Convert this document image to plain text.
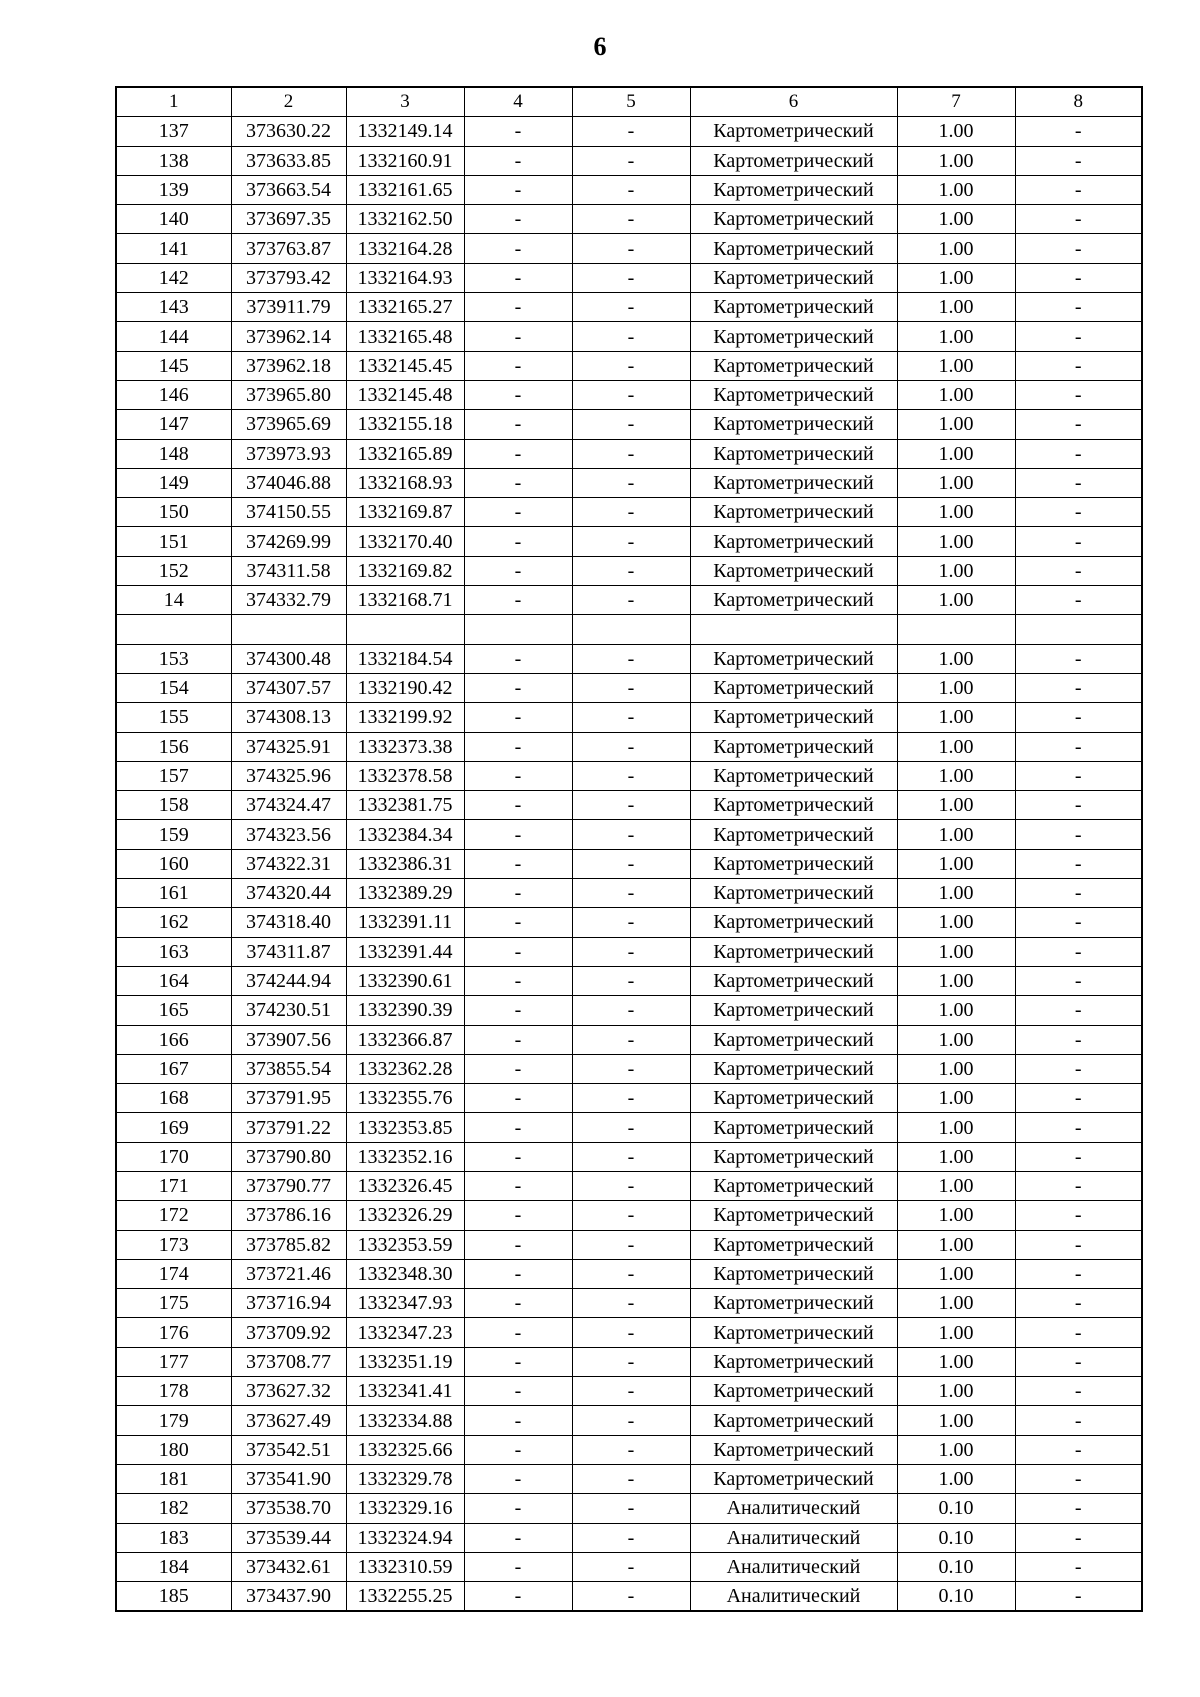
6
1	2	3	4	5	6	7	8
137	373630.22	1332149.14	-	-	Картометрический	1.00	-
138	373633.85	1332160.91	-	-	Картометрический	1.00	-
139	373663.54	1332161.65	-	-	Картометрический	1.00	-
140	373697.35	1332162.50	-	-	Картометрический	1.00	-
141	373763.87	1332164.28	-	-	Картометрический	1.00	-
142	373793.42	1332164.93	-	-	Картометрический	1.00	-
143	373911.79	1332165.27	-	-	Картометрический	1.00	-
144	373962.14	1332165.48	-	-	Картометрический	1.00	-
145	373962.18	1332145.45	-	-	Картометрический	1.00	-
146	373965.80	1332145.48	-	-	Картометрический	1.00	-
147	373965.69	1332155.18	-	-	Картометрический	1.00	-
148	373973.93	1332165.89	-	-	Картометрический	1.00	-
149	374046.88	1332168.93	-	-	Картометрический	1.00	-
150	374150.55	1332169.87	-	-	Картометрический	1.00	-
151	374269.99	1332170.40	-	-	Картометрический	1.00	-
152	374311.58	1332169.82	-	-	Картометрический	1.00	-
14	374332.79	1332168.71	-	-	Картометрический	1.00	-

153	374300.48	1332184.54	-	-	Картометрический	1.00	-
154	374307.57	1332190.42	-	-	Картометрический	1.00	-
155	374308.13	1332199.92	-	-	Картометрический	1.00	-
156	374325.91	1332373.38	-	-	Картометрический	1.00	-
157	374325.96	1332378.58	-	-	Картометрический	1.00	-
158	374324.47	1332381.75	-	-	Картометрический	1.00	-
159	374323.56	1332384.34	-	-	Картометрический	1.00	-
160	374322.31	1332386.31	-	-	Картометрический	1.00	-
161	374320.44	1332389.29	-	-	Картометрический	1.00	-
162	374318.40	1332391.11	-	-	Картометрический	1.00	-
163	374311.87	1332391.44	-	-	Картометрический	1.00	-
164	374244.94	1332390.61	-	-	Картометрический	1.00	-
165	374230.51	1332390.39	-	-	Картометрический	1.00	-
166	373907.56	1332366.87	-	-	Картометрический	1.00	-
167	373855.54	1332362.28	-	-	Картометрический	1.00	-
168	373791.95	1332355.76	-	-	Картометрический	1.00	-
169	373791.22	1332353.85	-	-	Картометрический	1.00	-
170	373790.80	1332352.16	-	-	Картометрический	1.00	-
171	373790.77	1332326.45	-	-	Картометрический	1.00	-
172	373786.16	1332326.29	-	-	Картометрический	1.00	-
173	373785.82	1332353.59	-	-	Картометрический	1.00	-
174	373721.46	1332348.30	-	-	Картометрический	1.00	-
175	373716.94	1332347.93	-	-	Картометрический	1.00	-
176	373709.92	1332347.23	-	-	Картометрический	1.00	-
177	373708.77	1332351.19	-	-	Картометрический	1.00	-
178	373627.32	1332341.41	-	-	Картометрический	1.00	-
179	373627.49	1332334.88	-	-	Картометрический	1.00	-
180	373542.51	1332325.66	-	-	Картометрический	1.00	-
181	373541.90	1332329.78	-	-	Картометрический	1.00	-
182	373538.70	1332329.16	-	-	Аналитический	0.10	-
183	373539.44	1332324.94	-	-	Аналитический	0.10	-
184	373432.61	1332310.59	-	-	Аналитический	0.10	-
185	373437.90	1332255.25	-	-	Аналитический	0.10	-
